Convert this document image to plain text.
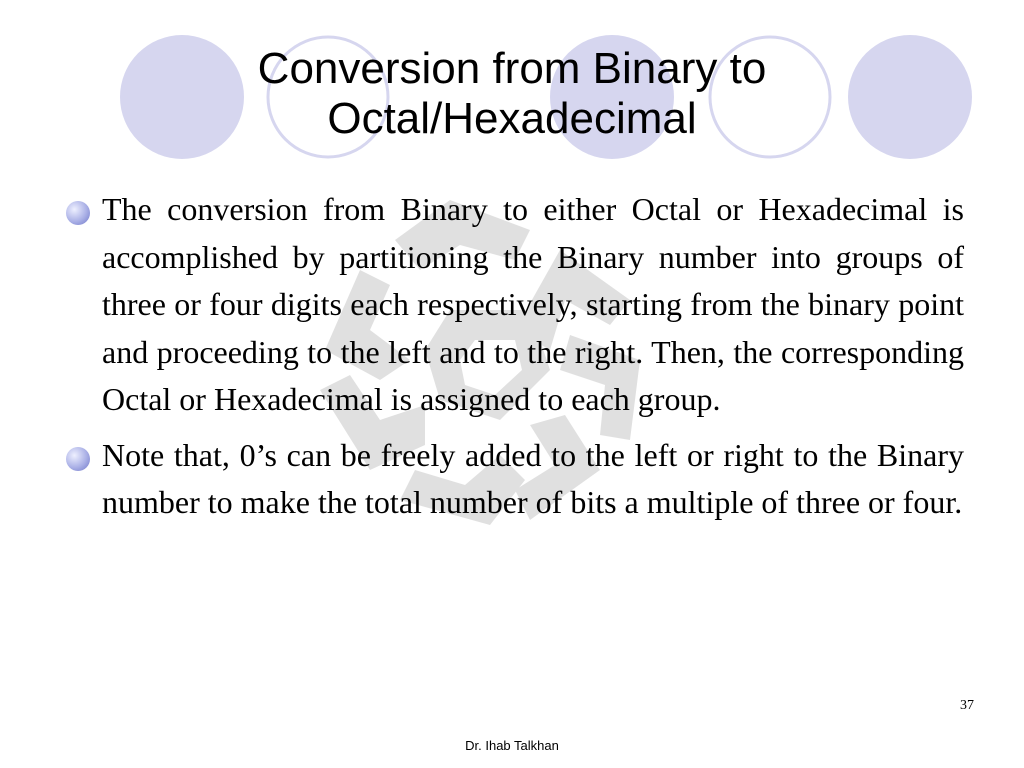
Conversion from Binary to
Octal/Hexadecimal
The conversion from Binary to either Octal or Hexadecimal is accomplished by partitioning the Binary number into groups of three or four digits each respectively, starting from the binary point and proceeding to the left and to the right. Then, the corresponding Octal or Hexadecimal is assigned to each group.
Note that, 0’s can be freely added to the left or right to the Binary number to make the total number of bits a multiple of three or four.
37
Dr. Ihab Talkhan
